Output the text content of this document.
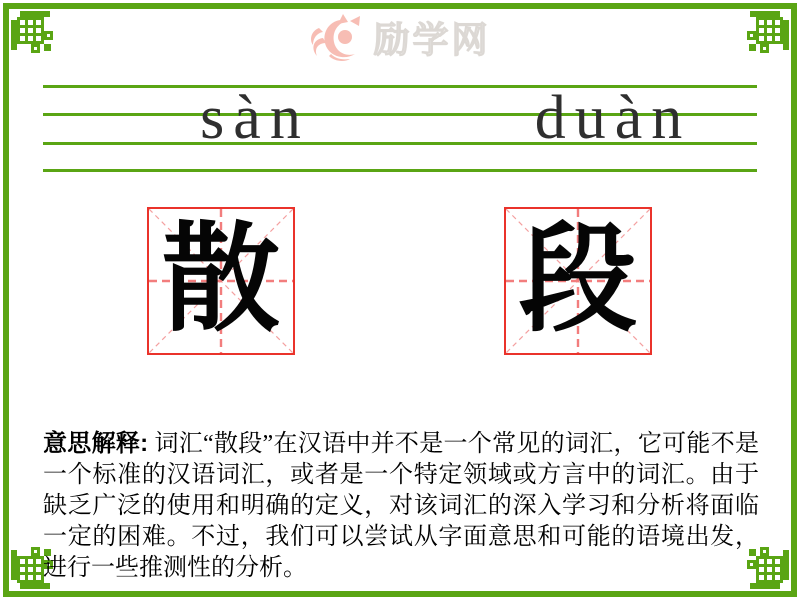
励学网
sàn	duàn
散 段

意思解释: 词汇“散段”在汉语中并不是一个常见的词汇，它可能不是一个标准的汉语词汇，或者是一个特定领域或方言中的词汇。由于缺乏广泛的使用和明确的定义，对该词汇的深入学习和分析将面临一定的困难。不过，我们可以尝试从字面意思和可能的语境出发，进行一些推测性的分析。
